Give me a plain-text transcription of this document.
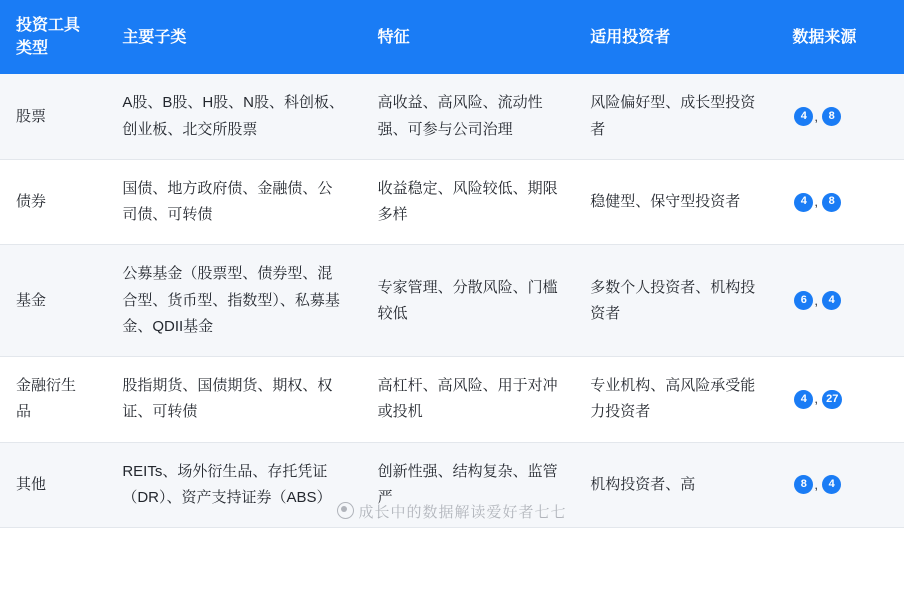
投资工具类型	主要子类	特征	适用投资者	数据来源
股票	A股、B股、H股、N股、科创板、创业板、北交所股票	高收益、高风险、流动性强、可参与公司治理	风险偏好型、成长型投资者	4 , 8

债券	国债、地方政府债、金融债、公司债、可转债	收益稳定、风险较低、期限多样	稳健型、保守型投资者	4 , 8

基金	公募基金（股票型、债券型、混合型、货币型、指数型）、私募基金、QDII基金	专家管理、分散风险、门槛较低	多数个人投资者、机构投资者	6 , 4

金融衍生品	股指期货、国债期货、期权、权证、可转债	高杠杆、高风险、用于对冲或投机	专业机构、高风险承受能力投资者	4 , 27

其他	REITs、场外衍生品、存托凭证（DR）、资产支持证券（ABS）	创新性强、结构复杂、监管严	机构投资者、高	8 , 4
成长中的数据解读爱好者七七
